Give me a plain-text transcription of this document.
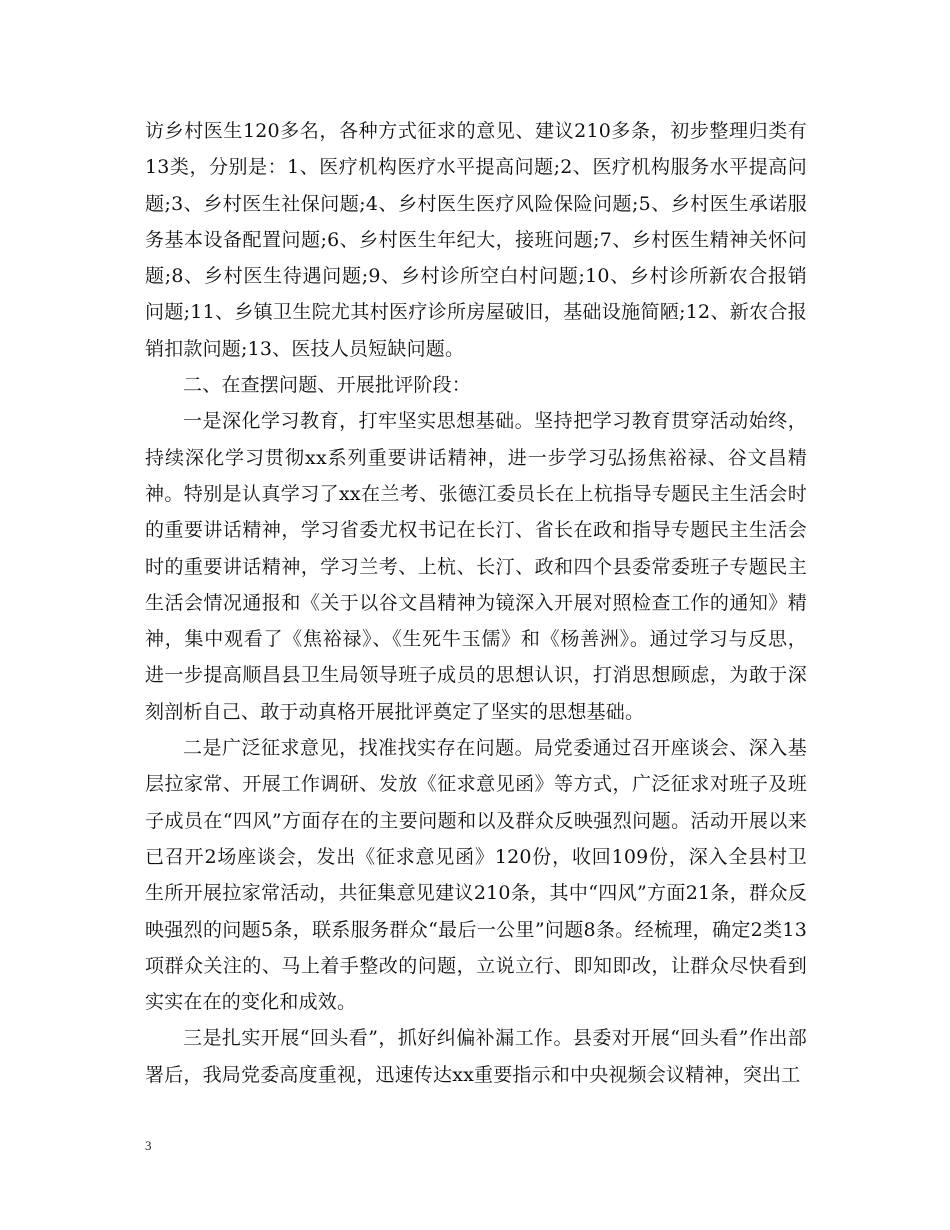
访乡村医生120多名，各种方式征求的意见、建议210多条，初步整理归类有13类，分别是：1、医疗机构医疗水平提高问题;2、医疗机构服务水平提高问题;3、乡村医生社保问题;4、乡村医生医疗风险保险问题;5、乡村医生承诺服务基本设备配置问题;6、乡村医生年纪大，接班问题;7、乡村医生精神关怀问题;8、乡村医生待遇问题;9、乡村诊所空白村问题;10、乡村诊所新农合报销问题;11、乡镇卫生院尤其村医疗诊所房屋破旧，基础设施简陋;12、新农合报销扣款问题;13、医技人员短缺问题。

二、在查摆问题、开展批评阶段：

一是深化学习教育，打牢坚实思想基础。坚持把学习教育贯穿活动始终，持续深化学习贯彻xx系列重要讲话精神，进一步学习弘扬焦裕禄、谷文昌精神。特别是认真学习了xx在兰考、张德江委员长在上杭指导专题民主生活会时的重要讲话精神，学习省委尤权书记在长汀、省长在政和指导专题民主生活会时的重要讲话精神，学习兰考、上杭、长汀、政和四个县委常委班子专题民主生活会情况通报和《关于以谷文昌精神为镜深入开展对照检查工作的通知》精神，集中观看了《焦裕禄》、《生死牛玉儒》和《杨善洲》。通过学习与反思，进一步提高顺昌县卫生局领导班子成员的思想认识，打消思想顾虑，为敢于深刻剖析自己、敢于动真格开展批评奠定了坚实的思想基础。

二是广泛征求意见，找准找实存在问题。局党委通过召开座谈会、深入基层拉家常、开展工作调研、发放《征求意见函》等方式，广泛征求对班子及班子成员在“四风”方面存在的主要问题和以及群众反映强烈问题。活动开展以来已召开2场座谈会，发出《征求意见函》120份，收回109份，深入全县村卫生所开展拉家常活动，共征集意见建议210条，其中“四风”方面21条，群众反映强烈的问题5条，联系服务群众“最后一公里”问题8条。经梳理，确定2类13项群众关注的、马上着手整改的问题，立说立行、即知即改，让群众尽快看到实实在在的变化和成效。

三是扎实开展“回头看”，抓好纠偏补漏工作。县委对开展“回头看”作出部署后，我局党委高度重视，迅速传达xx重要指示和中央视频会议精神，突出工

3
